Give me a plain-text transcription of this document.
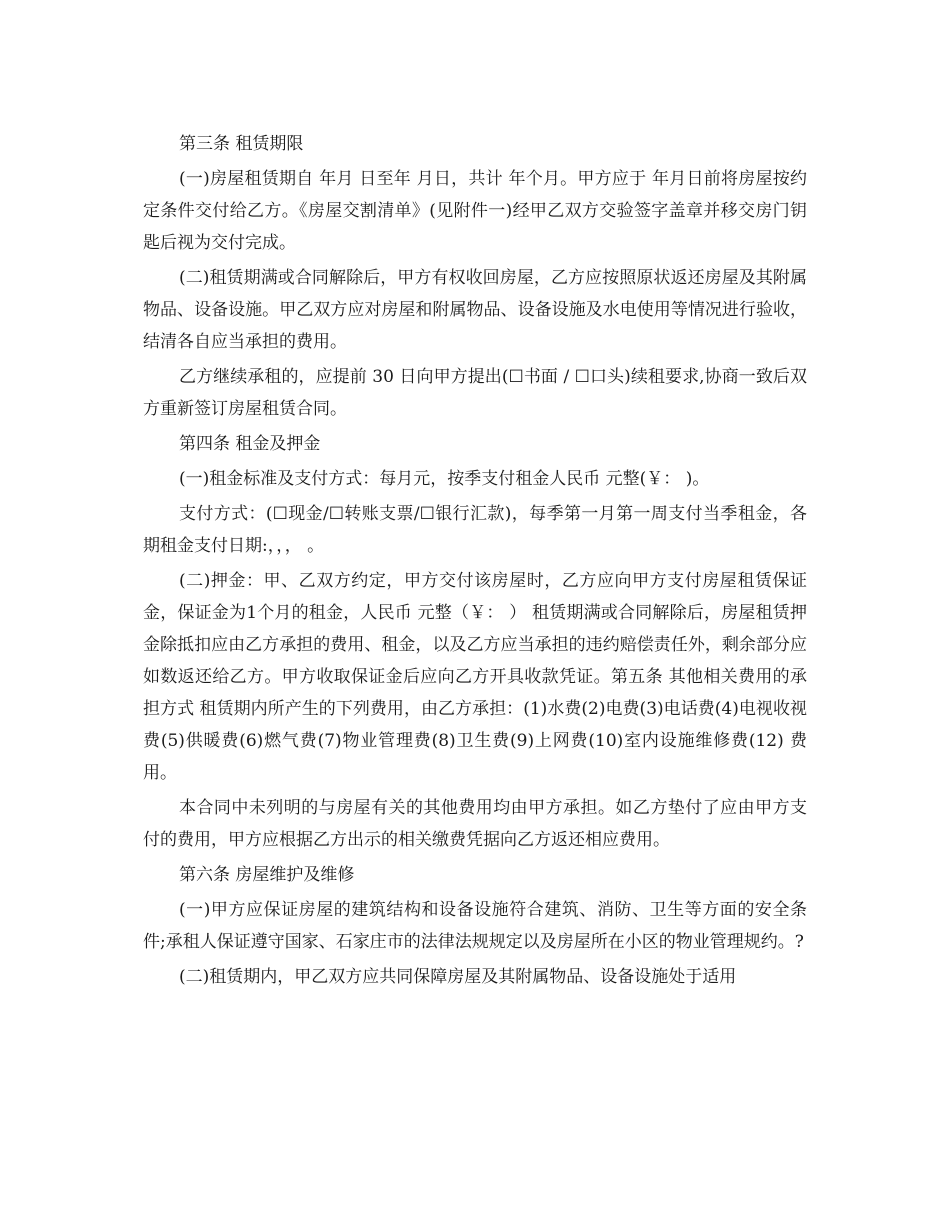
第三条 租赁期限

(一)房屋租赁期自 年月 日至年 月日，共计 年个月。甲方应于 年月日前将房屋按约定条件交付给乙方。《房屋交割清单》(见附件一)经甲乙双方交验签字盖章并移交房门钥匙后视为交付完成。

(二)租赁期满或合同解除后，甲方有权收回房屋，乙方应按照原状返还房屋及其附属物品、设备设施。甲乙双方应对房屋和附属物品、设备设施及水电使用等情况进行验收，结清各自应当承担的费用。

乙方继续承租的，应提前 30 日向甲方提出(☐书面 / ☐口头)续租要求,协商一致后双方重新签订房屋租赁合同。

第四条 租金及押金

(一)租金标准及支付方式：每月元，按季支付租金人民币 元整(￥： )。

支付方式：(☐现金/☐转账支票/☐银行汇款)，每季第一月第一周支付当季租金，各期租金支付日期:，，， 。

(二)押金：甲、乙双方约定，甲方交付该房屋时，乙方应向甲方支付房屋租赁保证金，保证金为1个月的租金，人民币 元整（￥： ） 租赁期满或合同解除后，房屋租赁押金除抵扣应由乙方承担的费用、租金，以及乙方应当承担的违约赔偿责任外，剩余部分应如数返还给乙方。甲方收取保证金后应向乙方开具收款凭证。第五条 其他相关费用的承担方式 租赁期内所产生的下列费用，由乙方承担：(1)水费(2)电费(3)电话费(4)电视收视费(5)供暖费(6)燃气费(7)物业管理费(8)卫生费(9)上网费(10)室内设施维修费(12) 费用。

本合同中未列明的与房屋有关的其他费用均由甲方承担。如乙方垫付了应由甲方支付的费用，甲方应根据乙方出示的相关缴费凭据向乙方返还相应费用。

第六条 房屋维护及维修

(一)甲方应保证房屋的建筑结构和设备设施符合建筑、消防、卫生等方面的安全条件;承租人保证遵守国家、石家庄市的法律法规规定以及房屋所在小区的物业管理规约。?

(二)租赁期内，甲乙双方应共同保障房屋及其附属物品、设备设施处于适用
